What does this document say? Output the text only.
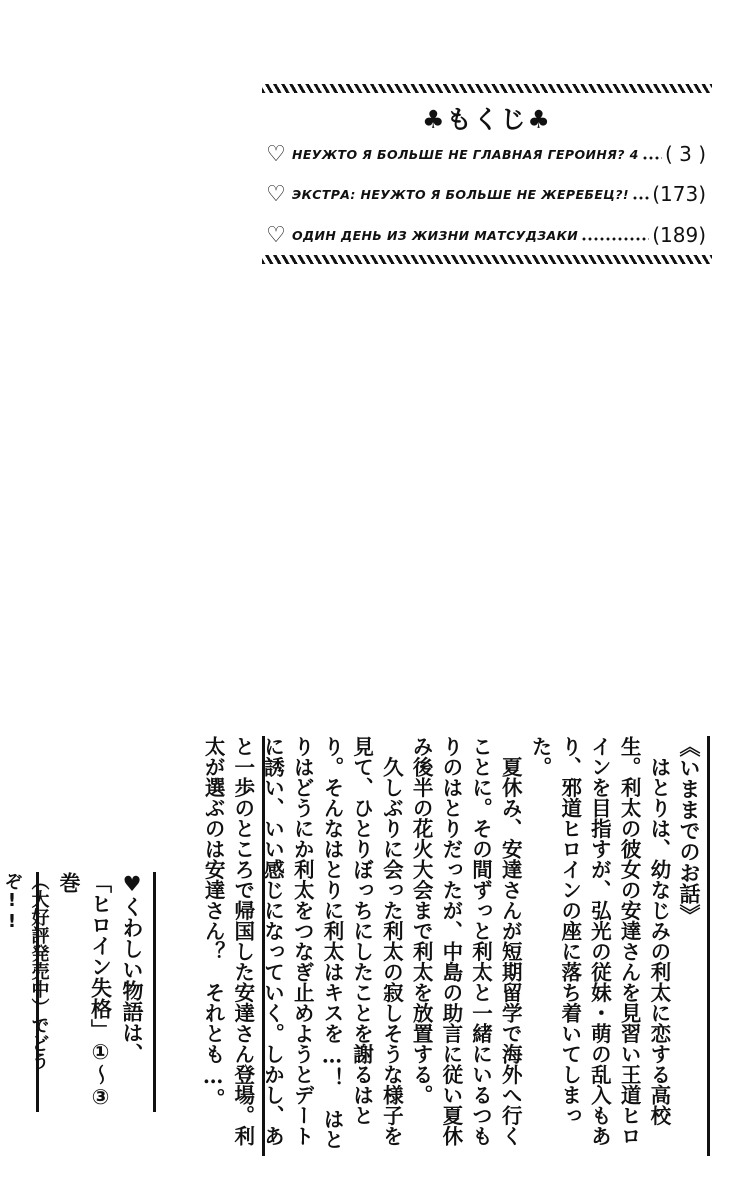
♣もくじ♣
♡ НЕУЖТО Я БОЛЬШЕ НЕ ГЛАВНАЯ ГЕРОИНЯ? 4 ( 3 )
♡ ЭКСТРА: НЕУЖТО Я БОЛЬШЕ НЕ ЖЕРЕБЕЦ?! (173)
♡ ОДИН ДЕНЬ ИЗ ЖИЗНИ МАТСУДЗАКИ	(189)
《いままでのお話》

　はとりは、幼なじみの利太に恋する高校生。利太の彼女の安達さんを見習い王道ヒロインを目指すが、弘光の従妹・萌の乱入もあり、邪道ヒロインの座に落ち着いてしまった。

　夏休み、安達さんが短期留学で海外へ行くことに。その間ずっと利太と一緒にいるつもりのはとりだったが、中島の助言に従い夏休み後半の花火大会まで利太を放置する。

　久しぶりに会った利太の寂しそうな様子を見て、ひとりぼっちにしたことを謝るはとり。そんなはとりに利太はキスを…！　はとりはどうにか利太をつなぎ止めようとデートに誘い、いい感じになっていく。しかし、あと一歩のところで帰国した安達さん登場。利太が選ぶのは安達さん？　それとも…。

♥くわしい物語は、

「ヒロイン失格」①〜③巻

（大好評発売中）でどうぞ!!
